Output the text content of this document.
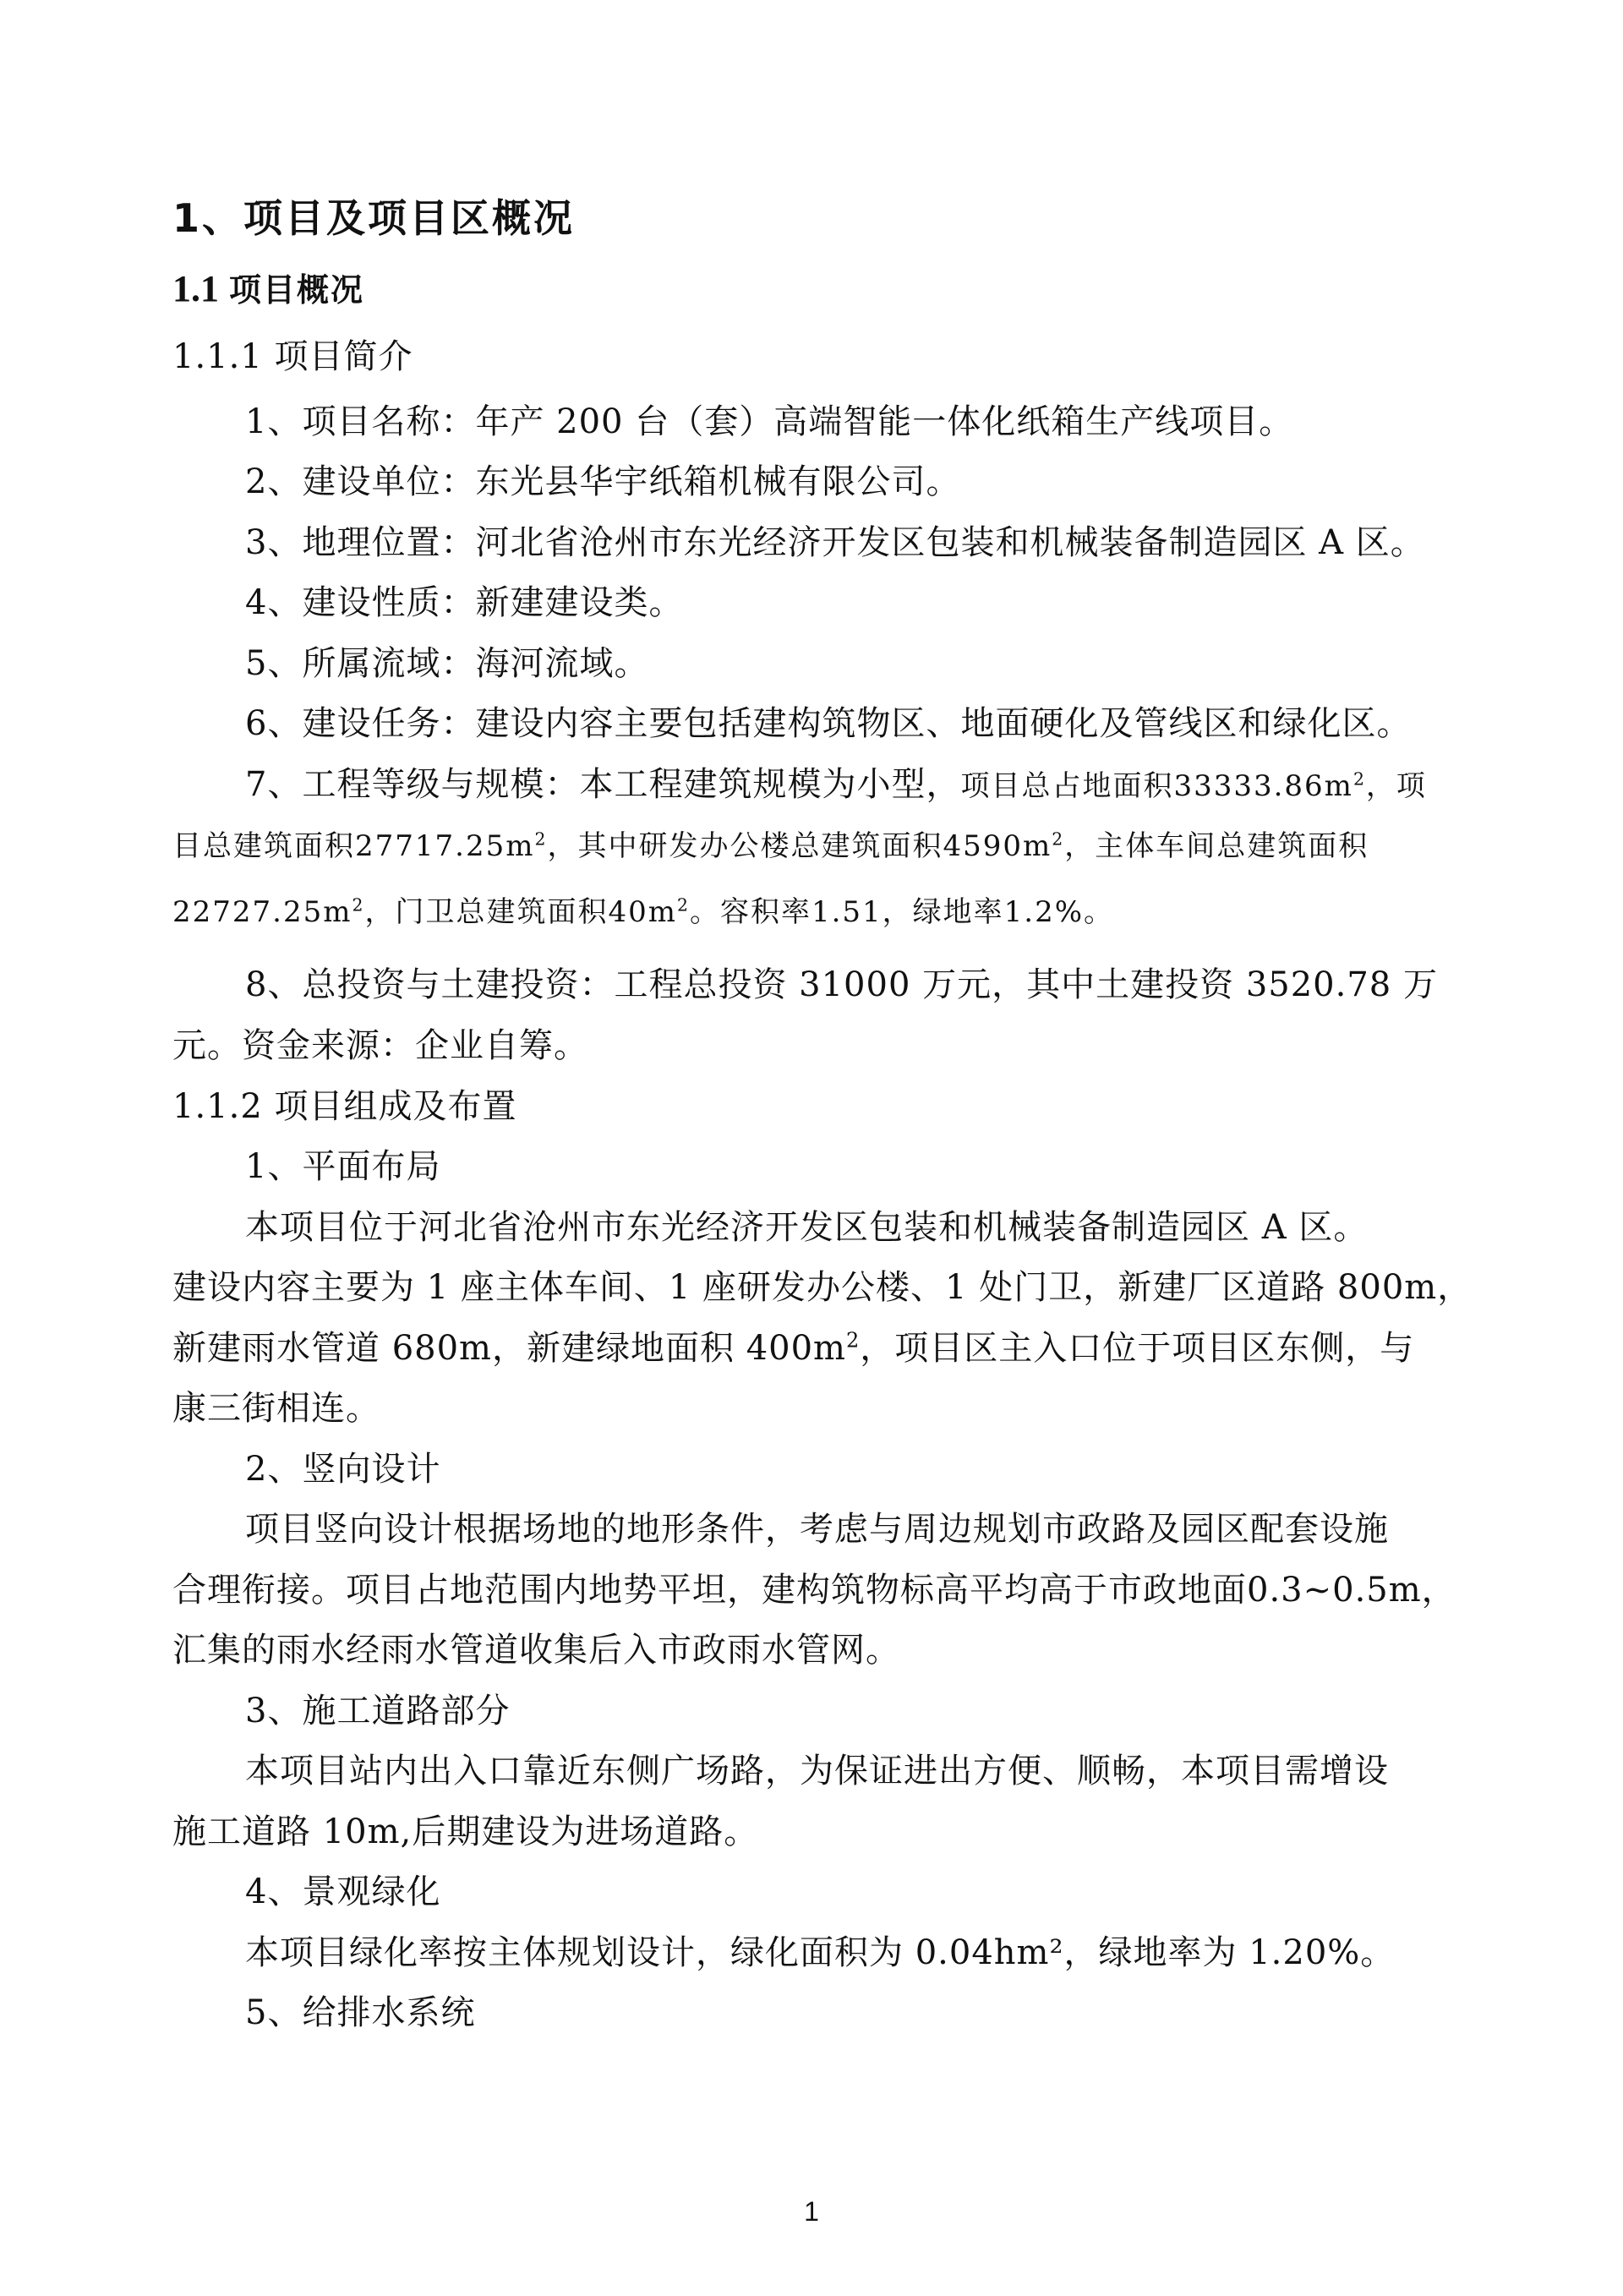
1、项目及项目区概况
1.1 项目概况
1.1.1 项目简介
1、项目名称：年产 200 台（套）高端智能一体化纸箱生产线项目。
2、建设单位：东光县华宇纸箱机械有限公司。
3、地理位置：河北省沧州市东光经济开发区包装和机械装备制造园区 A 区。
4、建设性质：新建建设类。
5、所属流域：海河流域。
6、建设任务：建设内容主要包括建构筑物区、地面硬化及管线区和绿化区。
7、工程等级与规模：本工程建筑规模为小型，项目总占地面积$33333.86m^2$，项
目总建筑面积$27717.25m^2$，其中研发办公楼总建筑面积$4590m^2$，主体车间总建筑面积
$22727.25m^2$，门卫总建筑面积$40m^2$。容积率1.51，绿地率1.2%。
8、总投资与土建投资：工程总投资 31000 万元，其中土建投资 3520.78 万
元。资金来源：企业自筹。
1.1.2 项目组成及布置
1、平面布局
本项目位于河北省沧州市东光经济开发区包装和机械装备制造园区 A 区。
建设内容主要为 1 座主体车间、1 座研发办公楼、1 处门卫，新建厂区道路 800m，
新建雨水管道 680m，新建绿地面积 $400m^2$，项目区主入口位于项目区东侧，与
康三街相连。
2、竖向设计
项目竖向设计根据场地的地形条件，考虑与周边规划市政路及园区配套设施
合理衔接。项目占地范围内地势平坦，建构筑物标高平均高于市政地面0.3~0.5m，
汇集的雨水经雨水管道收集后入市政雨水管网。
3、施工道路部分
本项目站内出入口靠近东侧广场路，为保证进出方便、顺畅，本项目需增设
施工道路 10m,后期建设为进场道路。
4、景观绿化
本项目绿化率按主体规划设计，绿化面积为 0.04hm²，绿地率为 1.20%。
5、给排水系统
1
